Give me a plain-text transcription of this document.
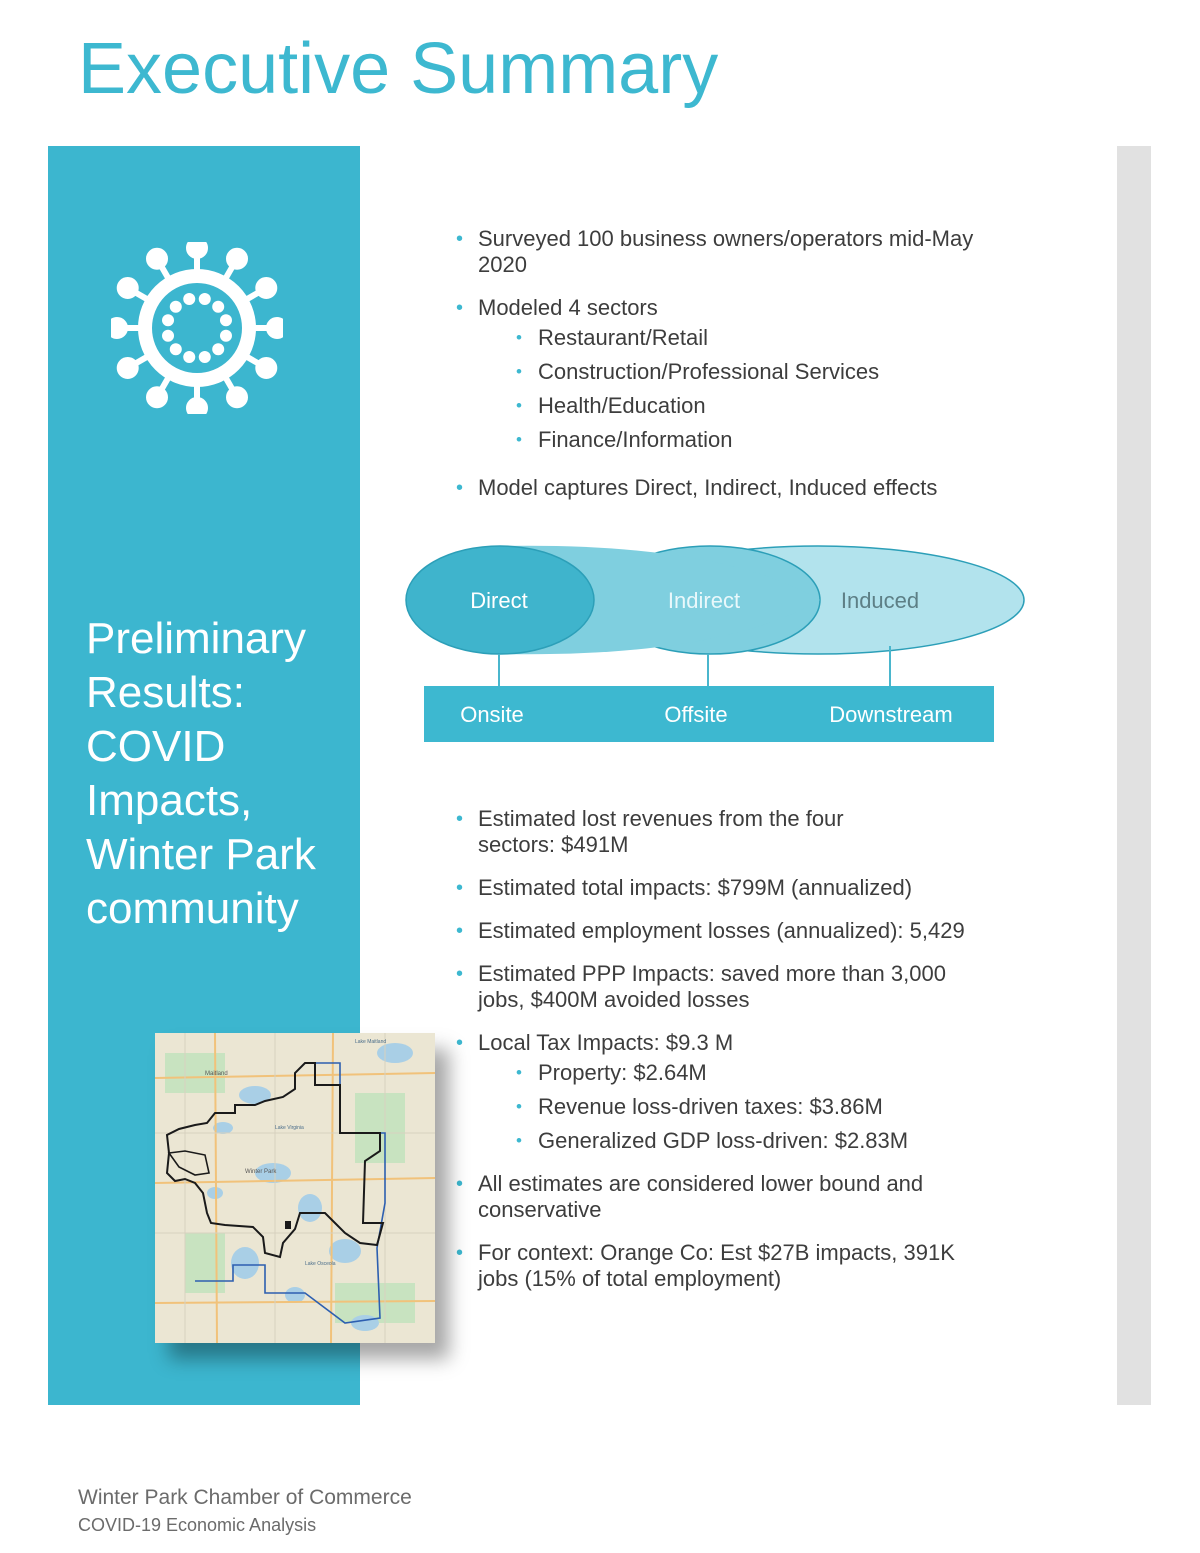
Executive Summary
Preliminary Results: COVID Impacts, Winter Park community
• Surveyed 100 business owners/operators mid-May 2020
• Modeled 4 sectors
• Restaurant/Retail
• Construction/Professional Services
• Health/Education
• Finance/Information
• Model captures Direct, Indirect, Induced effects
Direct	Indirect	Induced
Onsite	Offsite	Downstream
• Estimated lost revenues from the four sectors: $491M
• Estimated total impacts: $799M (annualized)
• Estimated employment losses (annualized): 5,429
• Estimated PPP Impacts: saved more than 3,000 jobs, $400M avoided losses
• Local Tax Impacts: $9.3 M
• Property: $2.64M
• Revenue loss-driven taxes: $3.86M
• Generalized GDP loss-driven: $2.83M
• All estimates are considered lower bound and conservative
• For context: Orange Co: Est $27B impacts, 391K jobs (15% of total employment)
Maitland
Winter Park
Lake Virginia
Lake Maitland
Lake Osceola
Winter Park Chamber of Commerce
COVID-19 Economic Analysis
